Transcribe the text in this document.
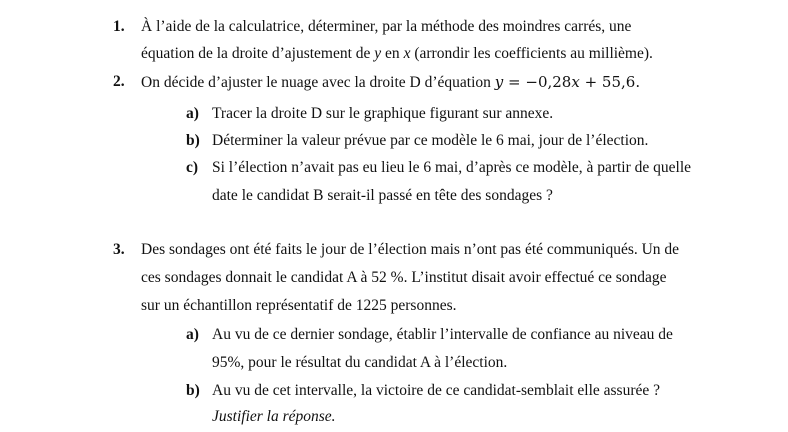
1. À l’aide de la calculatrice, déterminer, par la méthode des moindres carrés, une
équation de la droite d’ajustement de y en x (arrondir les coefficients au millième).
2. On décide d’ajuster le nuage avec la droite D d’équation y = −0,28x + 55,6.
a) Tracer la droite D sur le graphique figurant sur annexe.
b) Déterminer la valeur prévue par ce modèle le 6 mai, jour de l’élection.
c) Si l’élection n’avait pas eu lieu le 6 mai, d’après ce modèle, à partir de quelle
date le candidat B serait-il passé en tête des sondages ?
3. Des sondages ont été faits le jour de l’élection mais n’ont pas été communiqués. Un de
ces sondages donnait le candidat A à 52 %. L’institut disait avoir effectué ce sondage
sur un échantillon représentatif de 1225 personnes.
a) Au vu de ce dernier sondage, établir l’intervalle de confiance au niveau de
95%, pour le résultat du candidat A à l’élection.
b) Au vu de cet intervalle, la victoire de ce candidat-semblait elle assurée ?
Justifier la réponse.
